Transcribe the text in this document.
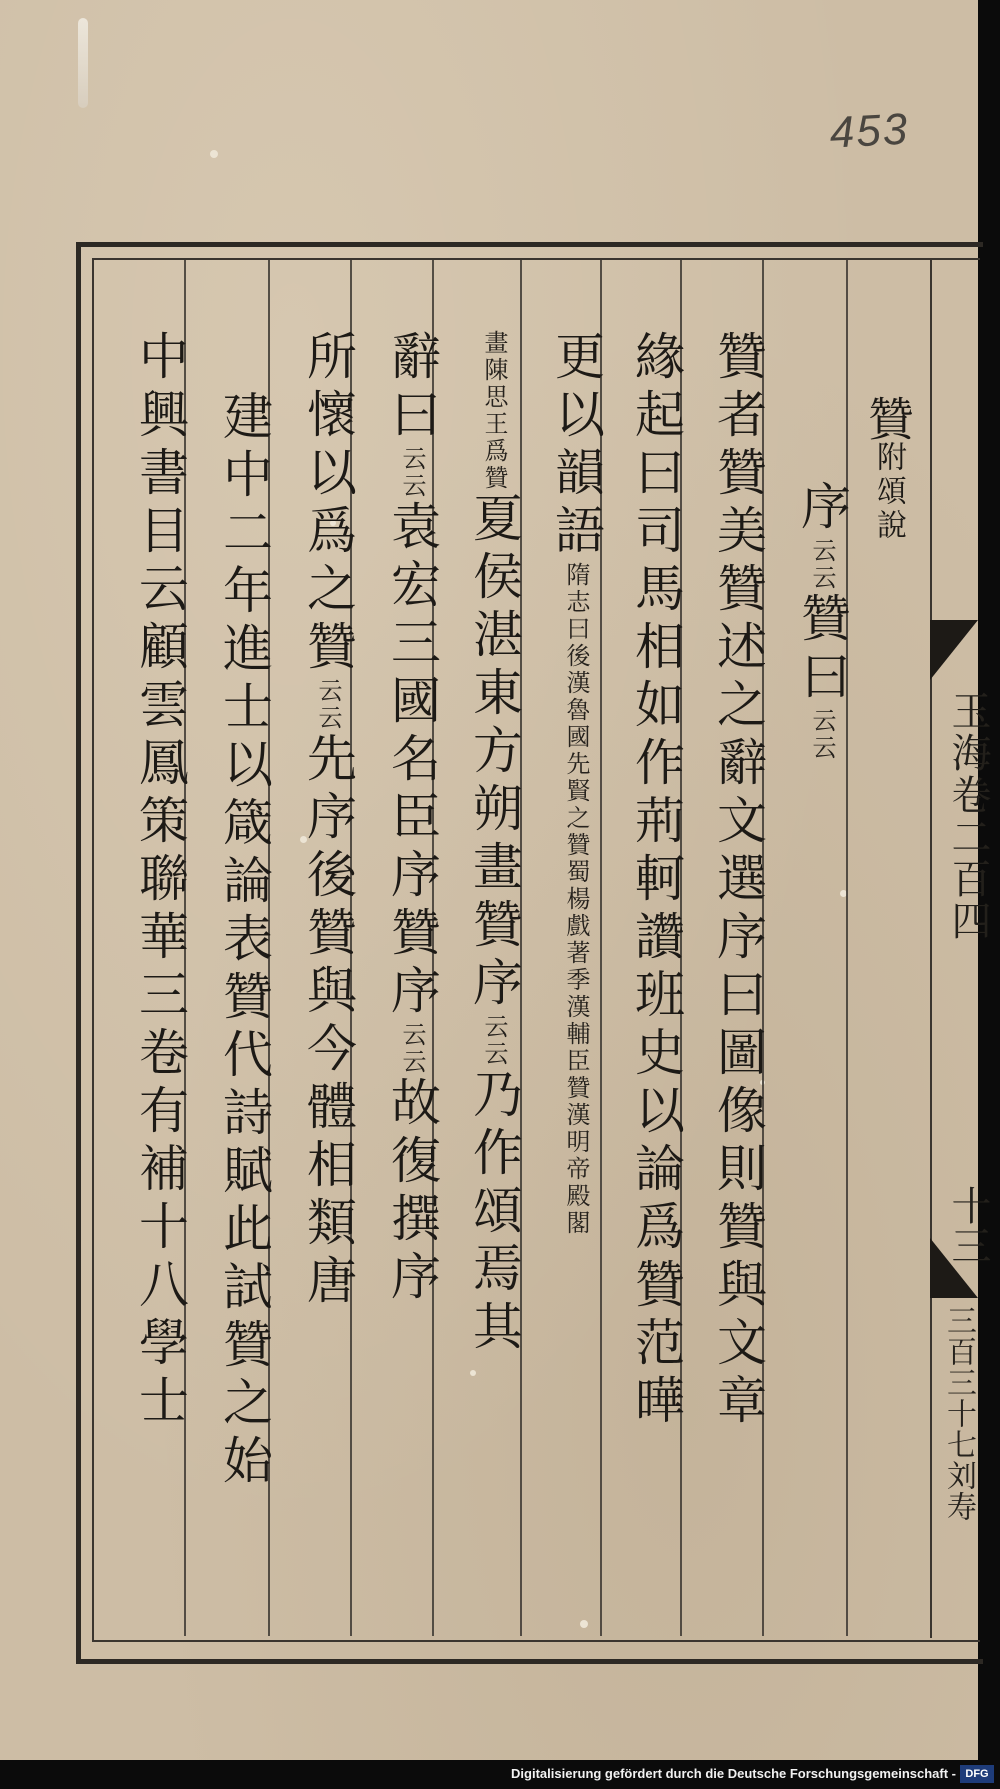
453
贊附頌說
玉海卷二百四
十三
三百三十七刘寿
序云云贊曰云云
贊者贊美贊述之辭文選序曰圖像則贊與文章
緣起曰司馬相如作荊軻讚班史以論爲贊范曄
更以韻語隋志曰後漢魯國先賢之贊蜀楊戲著季漢輔臣贊漢明帝殿閣
畫陳思王爲贊夏侯湛東方朔畫贊序云云乃作頌焉其
辭曰云云袁宏三國名臣序贊序云云故復撰序
所懷以爲之贊云云先序後贊與今體相類唐
建中二年進士以箴論表贊代詩賦此試贊之始
中興書目云顧雲鳳策聯華三卷有補十八學士
Digitalisierung gefördert durch die Deutsche Forschungsgemeinschaft - DFG
